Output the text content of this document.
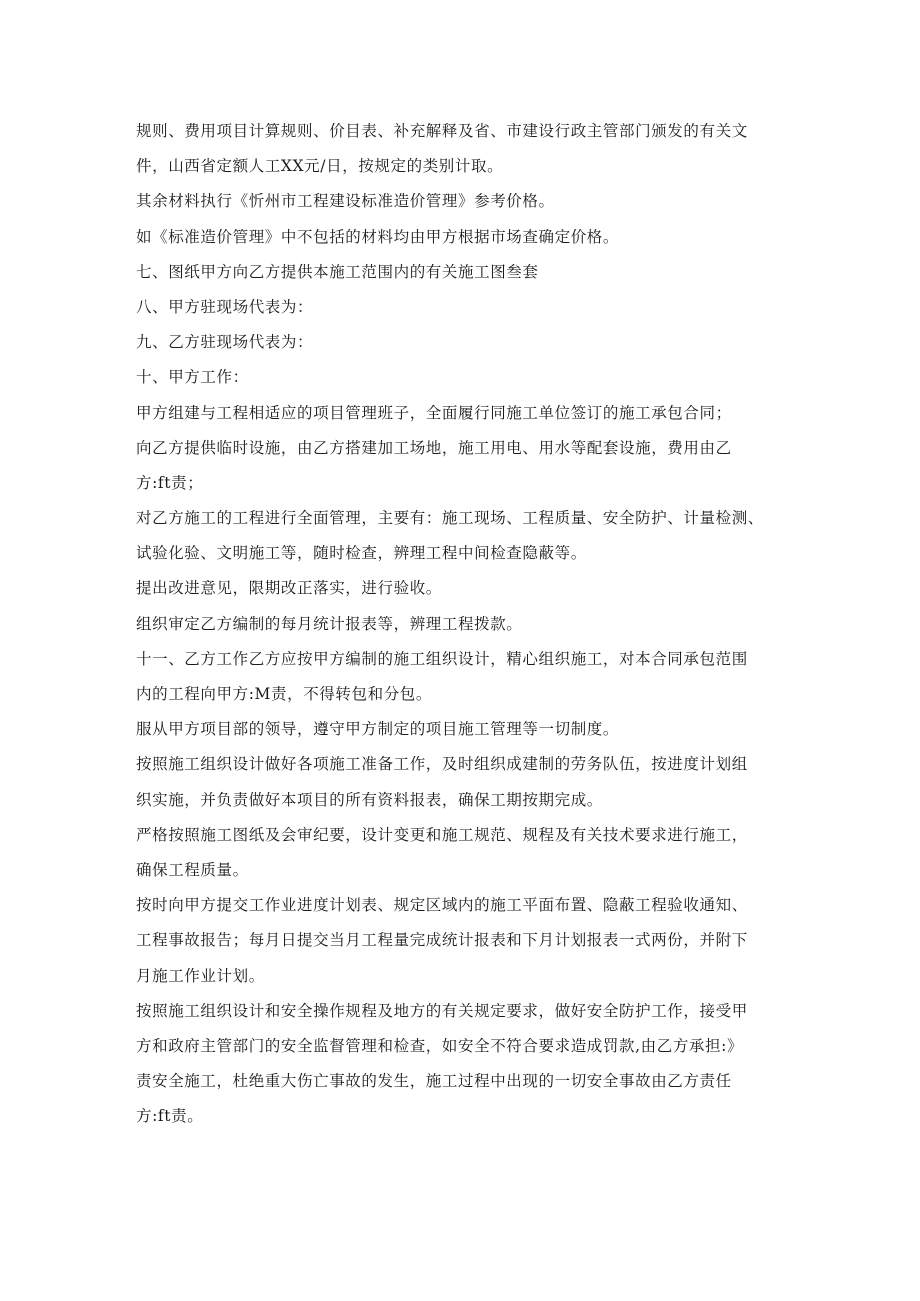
规则、费用项目计算规则、价目表、补充解释及省、市建设行政主管部门颁发的有关文
件，山西省定额人工XX元/日，按规定的类别计取。
其余材料执行《忻州市工程建设标准造价管理》参考价格。
如《标准造价管理》中不包括的材料均由甲方根据市场查确定价格。
七、图纸甲方向乙方提供本施工范围内的有关施工图叁套
八、甲方驻现场代表为：
九、乙方驻现场代表为：
十、甲方工作：
甲方组建与工程相适应的项目管理班子，全面履行同施工单位签订的施工承包合同；
向乙方提供临时设施，由乙方搭建加工场地，施工用电、用水等配套设施，费用由乙
方:ft责；
对乙方施工的工程进行全面管理，主要有：施工现场、工程质量、安全防护、计量检测、
试验化验、文明施工等，随时检查，辨理工程中间检查隐蔽等。
提出改进意见，限期改正落实，进行验收。
组织审定乙方编制的每月统计报表等，辨理工程拨款。
十一、乙方工作乙方应按甲方编制的施工组织设计，精心组织施工，对本合同承包范围
内的工程向甲方:M责，不得转包和分包。
服从甲方项目部的领导，遵守甲方制定的项目施工管理等一切制度。
按照施工组织设计做好各项施工准备工作，及时组织成建制的劳务队伍，按进度计划组
织实施，并负责做好本项目的所有资料报表，确保工期按期完成。
严格按照施工图纸及会审纪要，设计变更和施工规范、规程及有关技术要求进行施工，
确保工程质量。
按时向甲方提交工作业进度计划表、规定区域内的施工平面布置、隐蔽工程验收通知、
工程事故报告；每月日提交当月工程量完成统计报表和下月计划报表一式两份，并附下
月施工作业计划。
按照施工组织设计和安全操作规程及地方的有关规定要求，做好安全防护工作，接受甲
方和政府主管部门的安全监督管理和检查，如安全不符合要求造成罚款,由乙方承担:》
责安全施工，杜绝重大伤亡事故的发生，施工过程中出现的一切安全事故由乙方责任
方:ft责。
